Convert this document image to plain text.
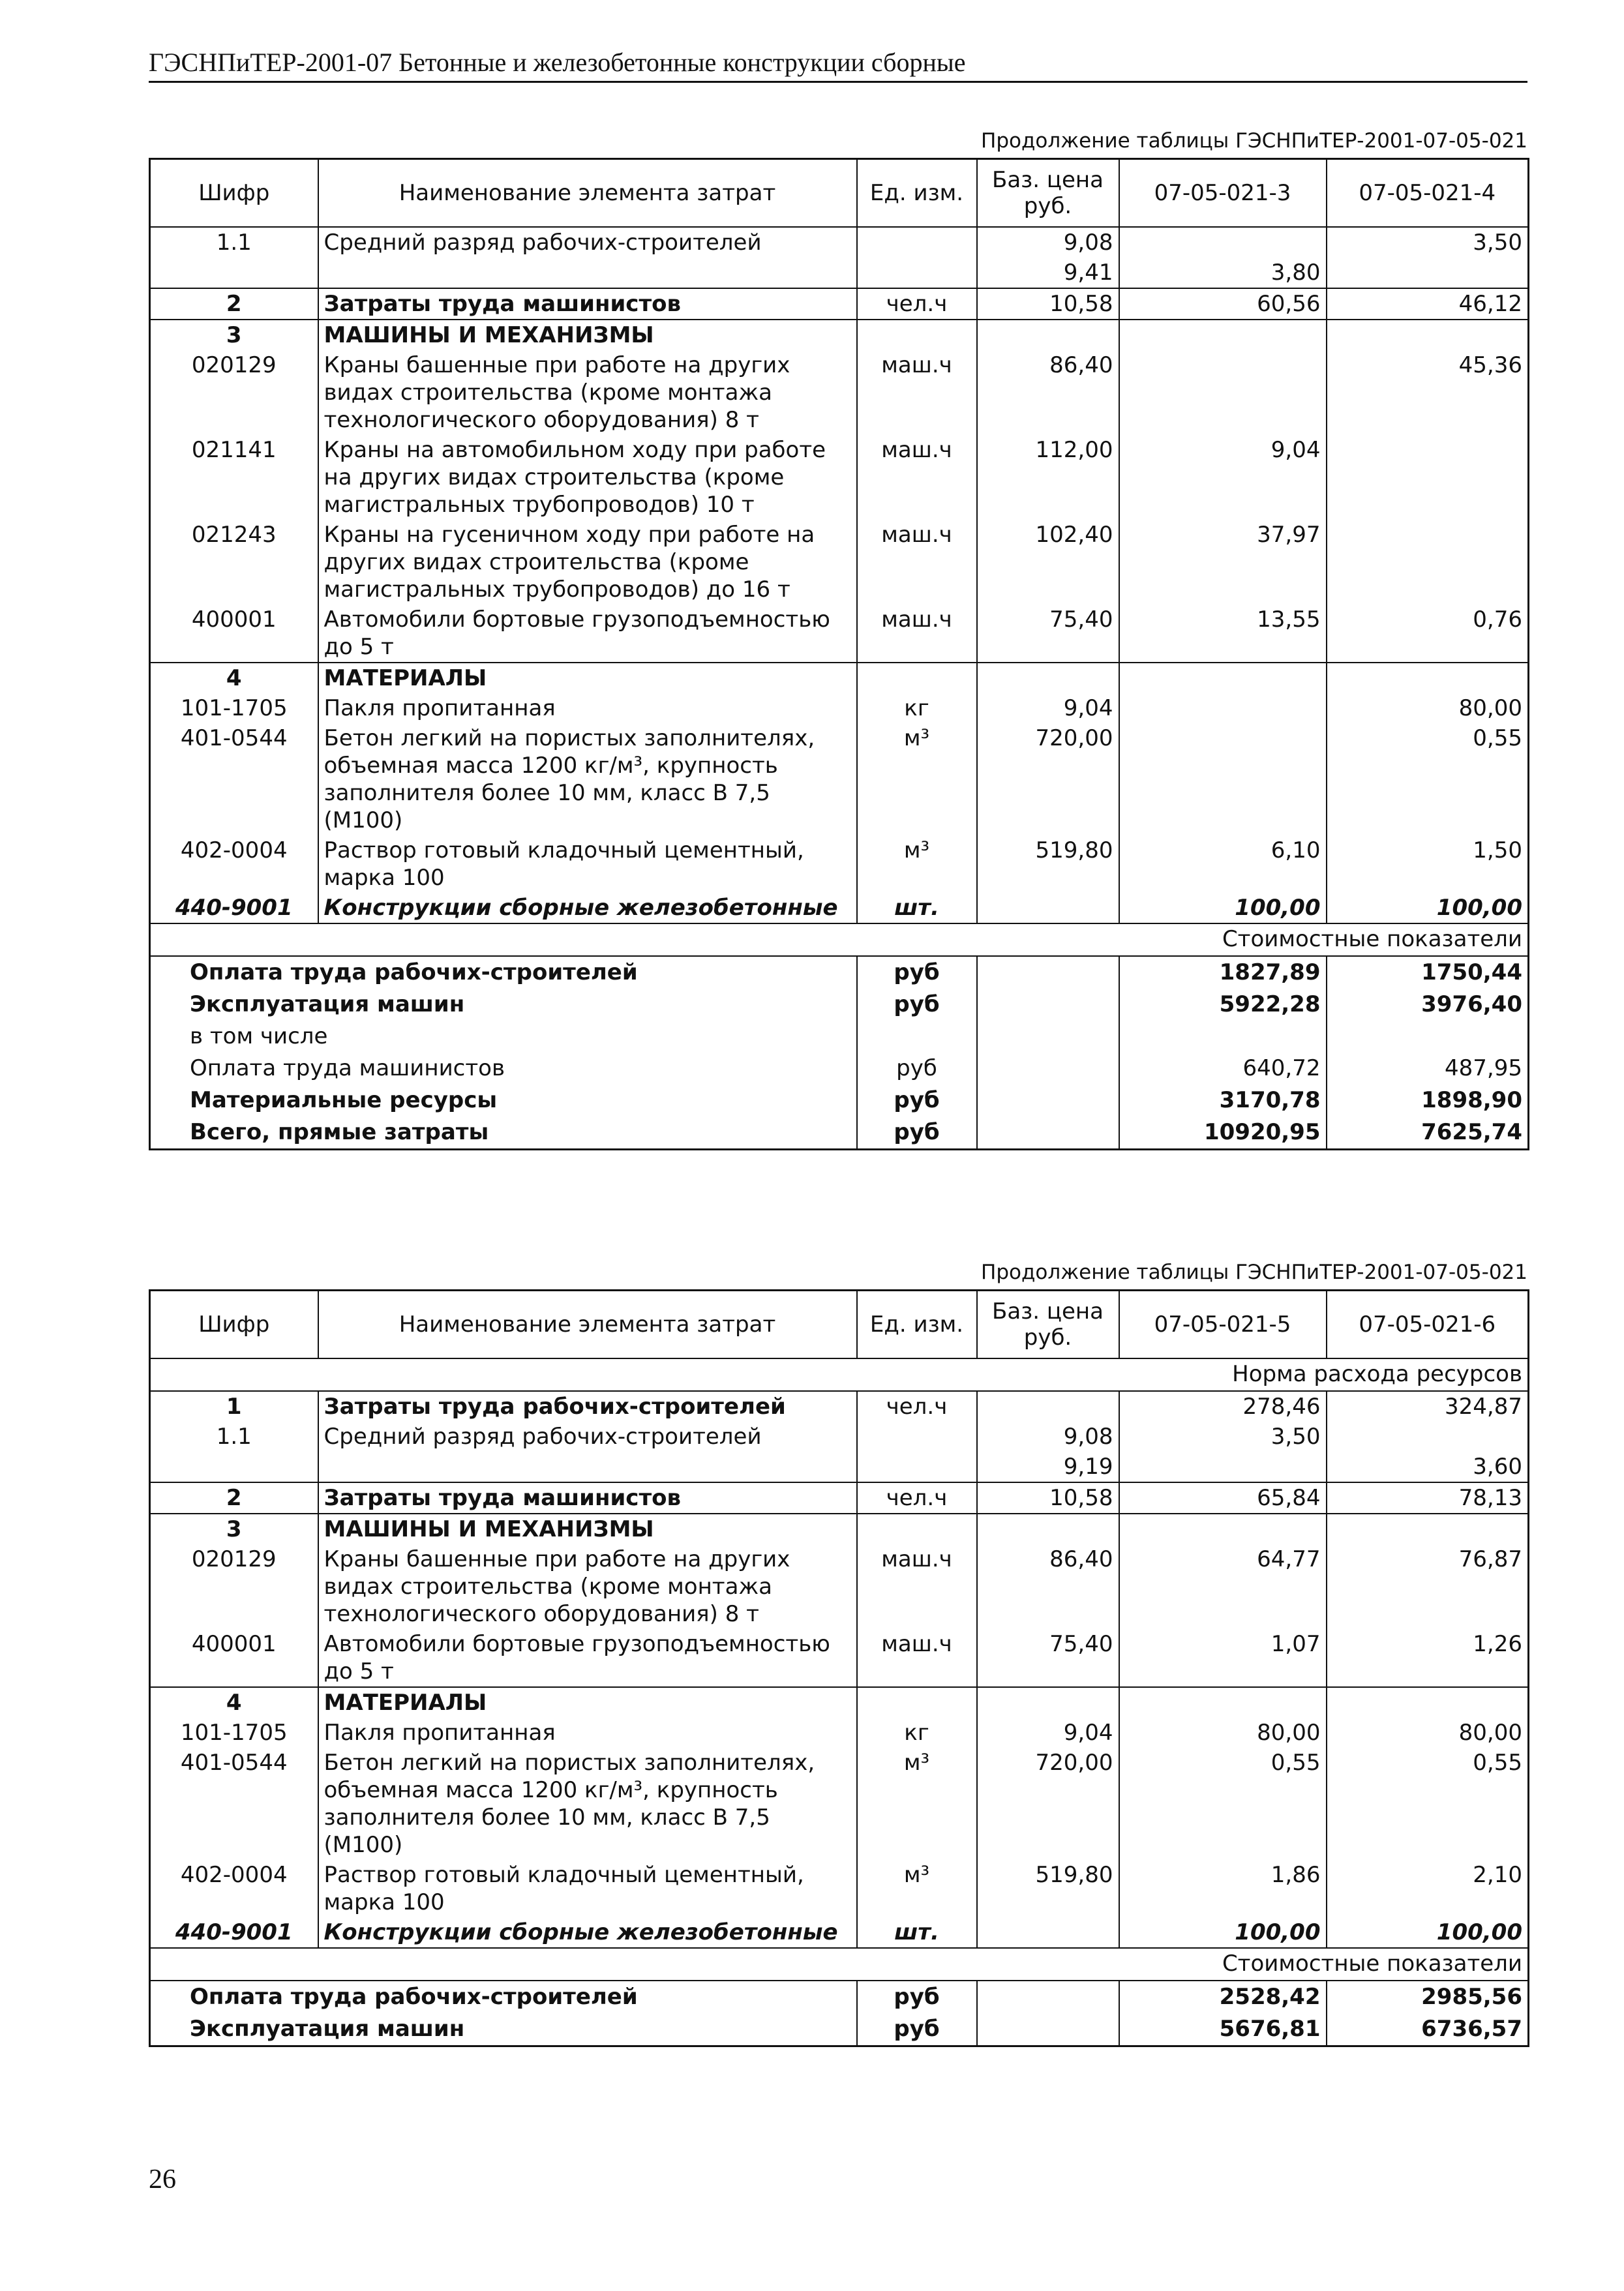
ГЭСНПиТЕР-2001-07 Бетонные и железобетонные конструкции сборные
Продолжение таблицы ГЭСНПиТЕР-2001-07-05-021
Шифр	Наименование элемента затрат	Ед. изм.	Баз. цена руб.	07-05-021-3	07-05-021-4
1.1	Средний разряд рабочих-строителей		9,08		3,50
			9,41	3,80	
2	Затраты труда машинистов	чел.ч	10,58	60,56	46,12
3	МАШИНЫ И МЕХАНИЗМЫ				
020129	Краны башенные при работе на других видах строительства (кроме монтажа технологического оборудования) 8 т	маш.ч	86,40		45,36
021141	Краны на автомобильном ходу при работе на других видах строительства (кроме магистральных трубопроводов) 10 т	маш.ч	112,00	9,04	
021243	Краны на гусеничном ходу при работе на других видах строительства (кроме магистральных трубопроводов) до 16 т	маш.ч	102,40	37,97	
400001	Автомобили бортовые грузоподъемностью до 5 т	маш.ч	75,40	13,55	0,76
4	МАТЕРИАЛЫ				
101-1705	Пакля пропитанная	кг	9,04		80,00
401-0544	Бетон легкий на пористых заполнителях, объемная масса 1200 кг/м³, крупность заполнителя более 10 мм, класс В 7,5 (М100)	м³	720,00		0,55
402-0004	Раствор готовый кладочный цементный, марка 100	м³	519,80	6,10	1,50
440-9001	Конструкции сборные железобетонные	шт.		100,00	100,00
Стоимостные показатели					
Оплата труда рабочих-строителей		руб		1827,89	1750,44
Эксплуатация машин		руб		5922,28	3976,40
в том числе					
Оплата труда машинистов		руб		640,72	487,95
Материальные ресурсы		руб		3170,78	1898,90
Всего, прямые затраты		руб		10920,95	7625,74
Продолжение таблицы ГЭСНПиТЕР-2001-07-05-021
Шифр	Наименование элемента затрат	Ед. изм.	Баз. цена руб.	07-05-021-5	07-05-021-6
Норма расхода ресурсов					
1	Затраты труда рабочих-строителей	чел.ч		278,46	324,87
1.1	Средний разряд рабочих-строителей		9,08	3,50	
			9,19		3,60
2	Затраты труда машинистов	чел.ч	10,58	65,84	78,13
3	МАШИНЫ И МЕХАНИЗМЫ				
020129	Краны башенные при работе на других видах строительства (кроме монтажа технологического оборудования) 8 т	маш.ч	86,40	64,77	76,87
400001	Автомобили бортовые грузоподъемностью до 5 т	маш.ч	75,40	1,07	1,26
4	МАТЕРИАЛЫ				
101-1705	Пакля пропитанная	кг	9,04	80,00	80,00
401-0544	Бетон легкий на пористых заполнителях, объемная масса 1200 кг/м³, крупность заполнителя более 10 мм, класс В 7,5 (М100)	м³	720,00	0,55	0,55
402-0004	Раствор готовый кладочный цементный, марка 100	м³	519,80	1,86	2,10
440-9001	Конструкции сборные железобетонные	шт.		100,00	100,00
Стоимостные показатели					
Оплата труда рабочих-строителей		руб		2528,42	2985,56
Эксплуатация машин		руб		5676,81	6736,57
26
